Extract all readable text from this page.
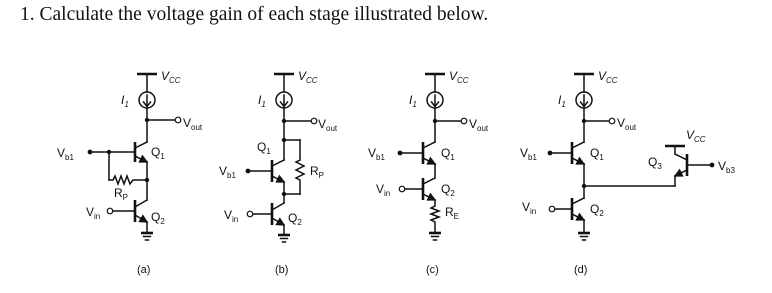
1. Calculate the voltage gain of each stage illustrated below.
$V_{CC}$
$I_1$
$V_{out}$
$V_{b1}$	$Q_1$
$R_P$
$V_{in}$	$Q_2$
(a)
$V_{CC}$
$I_1$
$V_{out}$
$Q_1$
$V_{b1}$	$R_P$
$V_{in}$	$Q_2$
(b)
$V_{CC}$
$I_1$
$V_{out}$
$V_{b1}$	$Q_1$
$V_{in}$	$Q_2$
$R_E$
(c)
$V_{CC}$
$I_1$
$V_{out}$
$V_{b1}$	$Q_1$
$V_{in}$	$Q_2$
$V_{CC}$
$Q_3$	$V_{b3}$
(d)
